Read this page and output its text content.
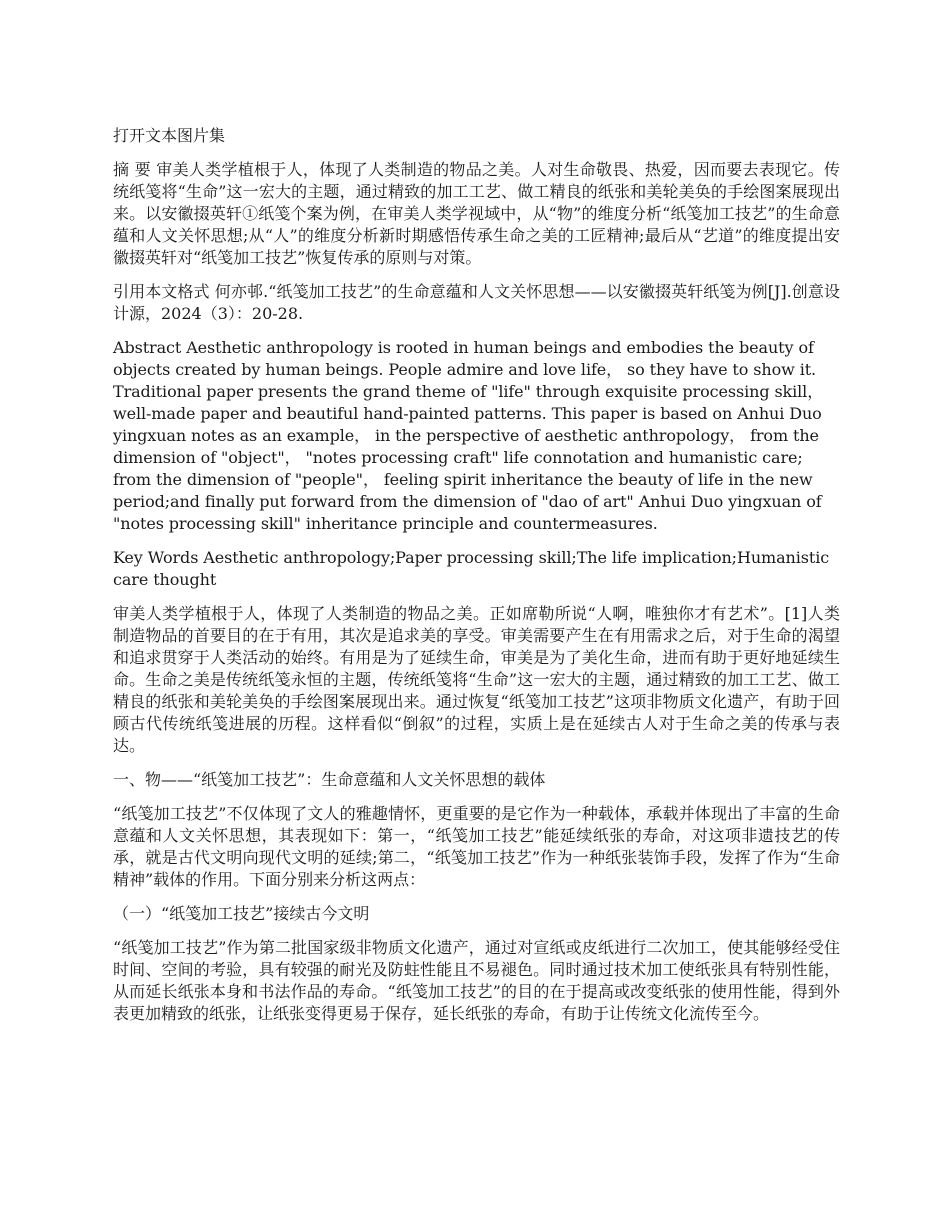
打开文本图片集

摘 要 审美人类学植根于人，体现了人类制造的物品之美。人对生命敬畏、热爱，因而要去表现它。传统纸笺将“生命”这一宏大的主题，通过精致的加工工艺、做工精良的纸张和美轮美奂的手绘图案展现出来。以安徽掇英轩①纸笺个案为例，在审美人类学视域中，从“物”的维度分析“纸笺加工技艺”的生命意蕴和人文关怀思想;从“人”的维度分析新时期感悟传承生命之美的工匠精神;最后从“艺道”的维度提出安徽掇英轩对“纸笺加工技艺”恢复传承的原则与对策。

引用本文格式 何亦邨.“纸笺加工技艺”的生命意蕴和人文关怀思想——以安徽掇英轩纸笺为例[J].创意设计源，2024（3）：20-28.

Abstract Aesthetic anthropology is rooted in human beings and embodies the beauty of objects created by human beings. People admire and love life， so they have to show it. Traditional paper presents the grand theme of "life" through exquisite processing skill，well-made paper and beautiful hand-painted patterns. This paper is based on Anhui Duo yingxuan notes as an example， in the perspective of aesthetic anthropology， from the dimension of "object"， "notes processing craft" life connotation and humanistic care; from the dimension of "people"， feeling spirit inheritance the beauty of life in the new period;and finally put forward from the dimension of "dao of art" Anhui Duo yingxuan of "notes processing skill" inheritance principle and countermeasures.

Key Words Aesthetic anthropology;Paper processing skill;The life implication;Humanistic care thought

审美人类学植根于人，体现了人类制造的物品之美。正如席勒所说“人啊，唯独你才有艺术”。[1]人类制造物品的首要目的在于有用，其次是追求美的享受。审美需要产生在有用需求之后，对于生命的渴望和追求贯穿于人类活动的始终。有用是为了延续生命，审美是为了美化生命，进而有助于更好地延续生命。生命之美是传统纸笺永恒的主题，传统纸笺将“生命”这一宏大的主题，通过精致的加工工艺、做工精良的纸张和美轮美奂的手绘图案展现出来。通过恢复“纸笺加工技艺”这项非物质文化遗产，有助于回顾古代传统纸笺进展的历程。这样看似“倒叙”的过程，实质上是在延续古人对于生命之美的传承与表达。

一、物——“纸笺加工技艺”：生命意蕴和人文关怀思想的载体

“纸笺加工技艺”不仅体现了文人的雅趣情怀，更重要的是它作为一种载体，承载并体现出了丰富的生命意蕴和人文关怀思想，其表现如下：第一，“纸笺加工技艺”能延续纸张的寿命，对这项非遗技艺的传承，就是古代文明向现代文明的延续;第二，“纸笺加工技艺”作为一种纸张装饰手段，发挥了作为“生命精神”载体的作用。下面分别来分析这两点：

（一）“纸笺加工技艺”接续古今文明

“纸笺加工技艺”作为第二批国家级非物质文化遗产，通过对宣纸或皮纸进行二次加工，使其能够经受住时间、空间的考验，具有较强的耐光及防蛀性能且不易褪色。同时通过技术加工使纸张具有特别性能，从而延长纸张本身和书法作品的寿命。“纸笺加工技艺”的目的在于提高或改变纸张的使用性能，得到外表更加精致的纸张，让纸张变得更易于保存，延长纸张的寿命，有助于让传统文化流传至今。
